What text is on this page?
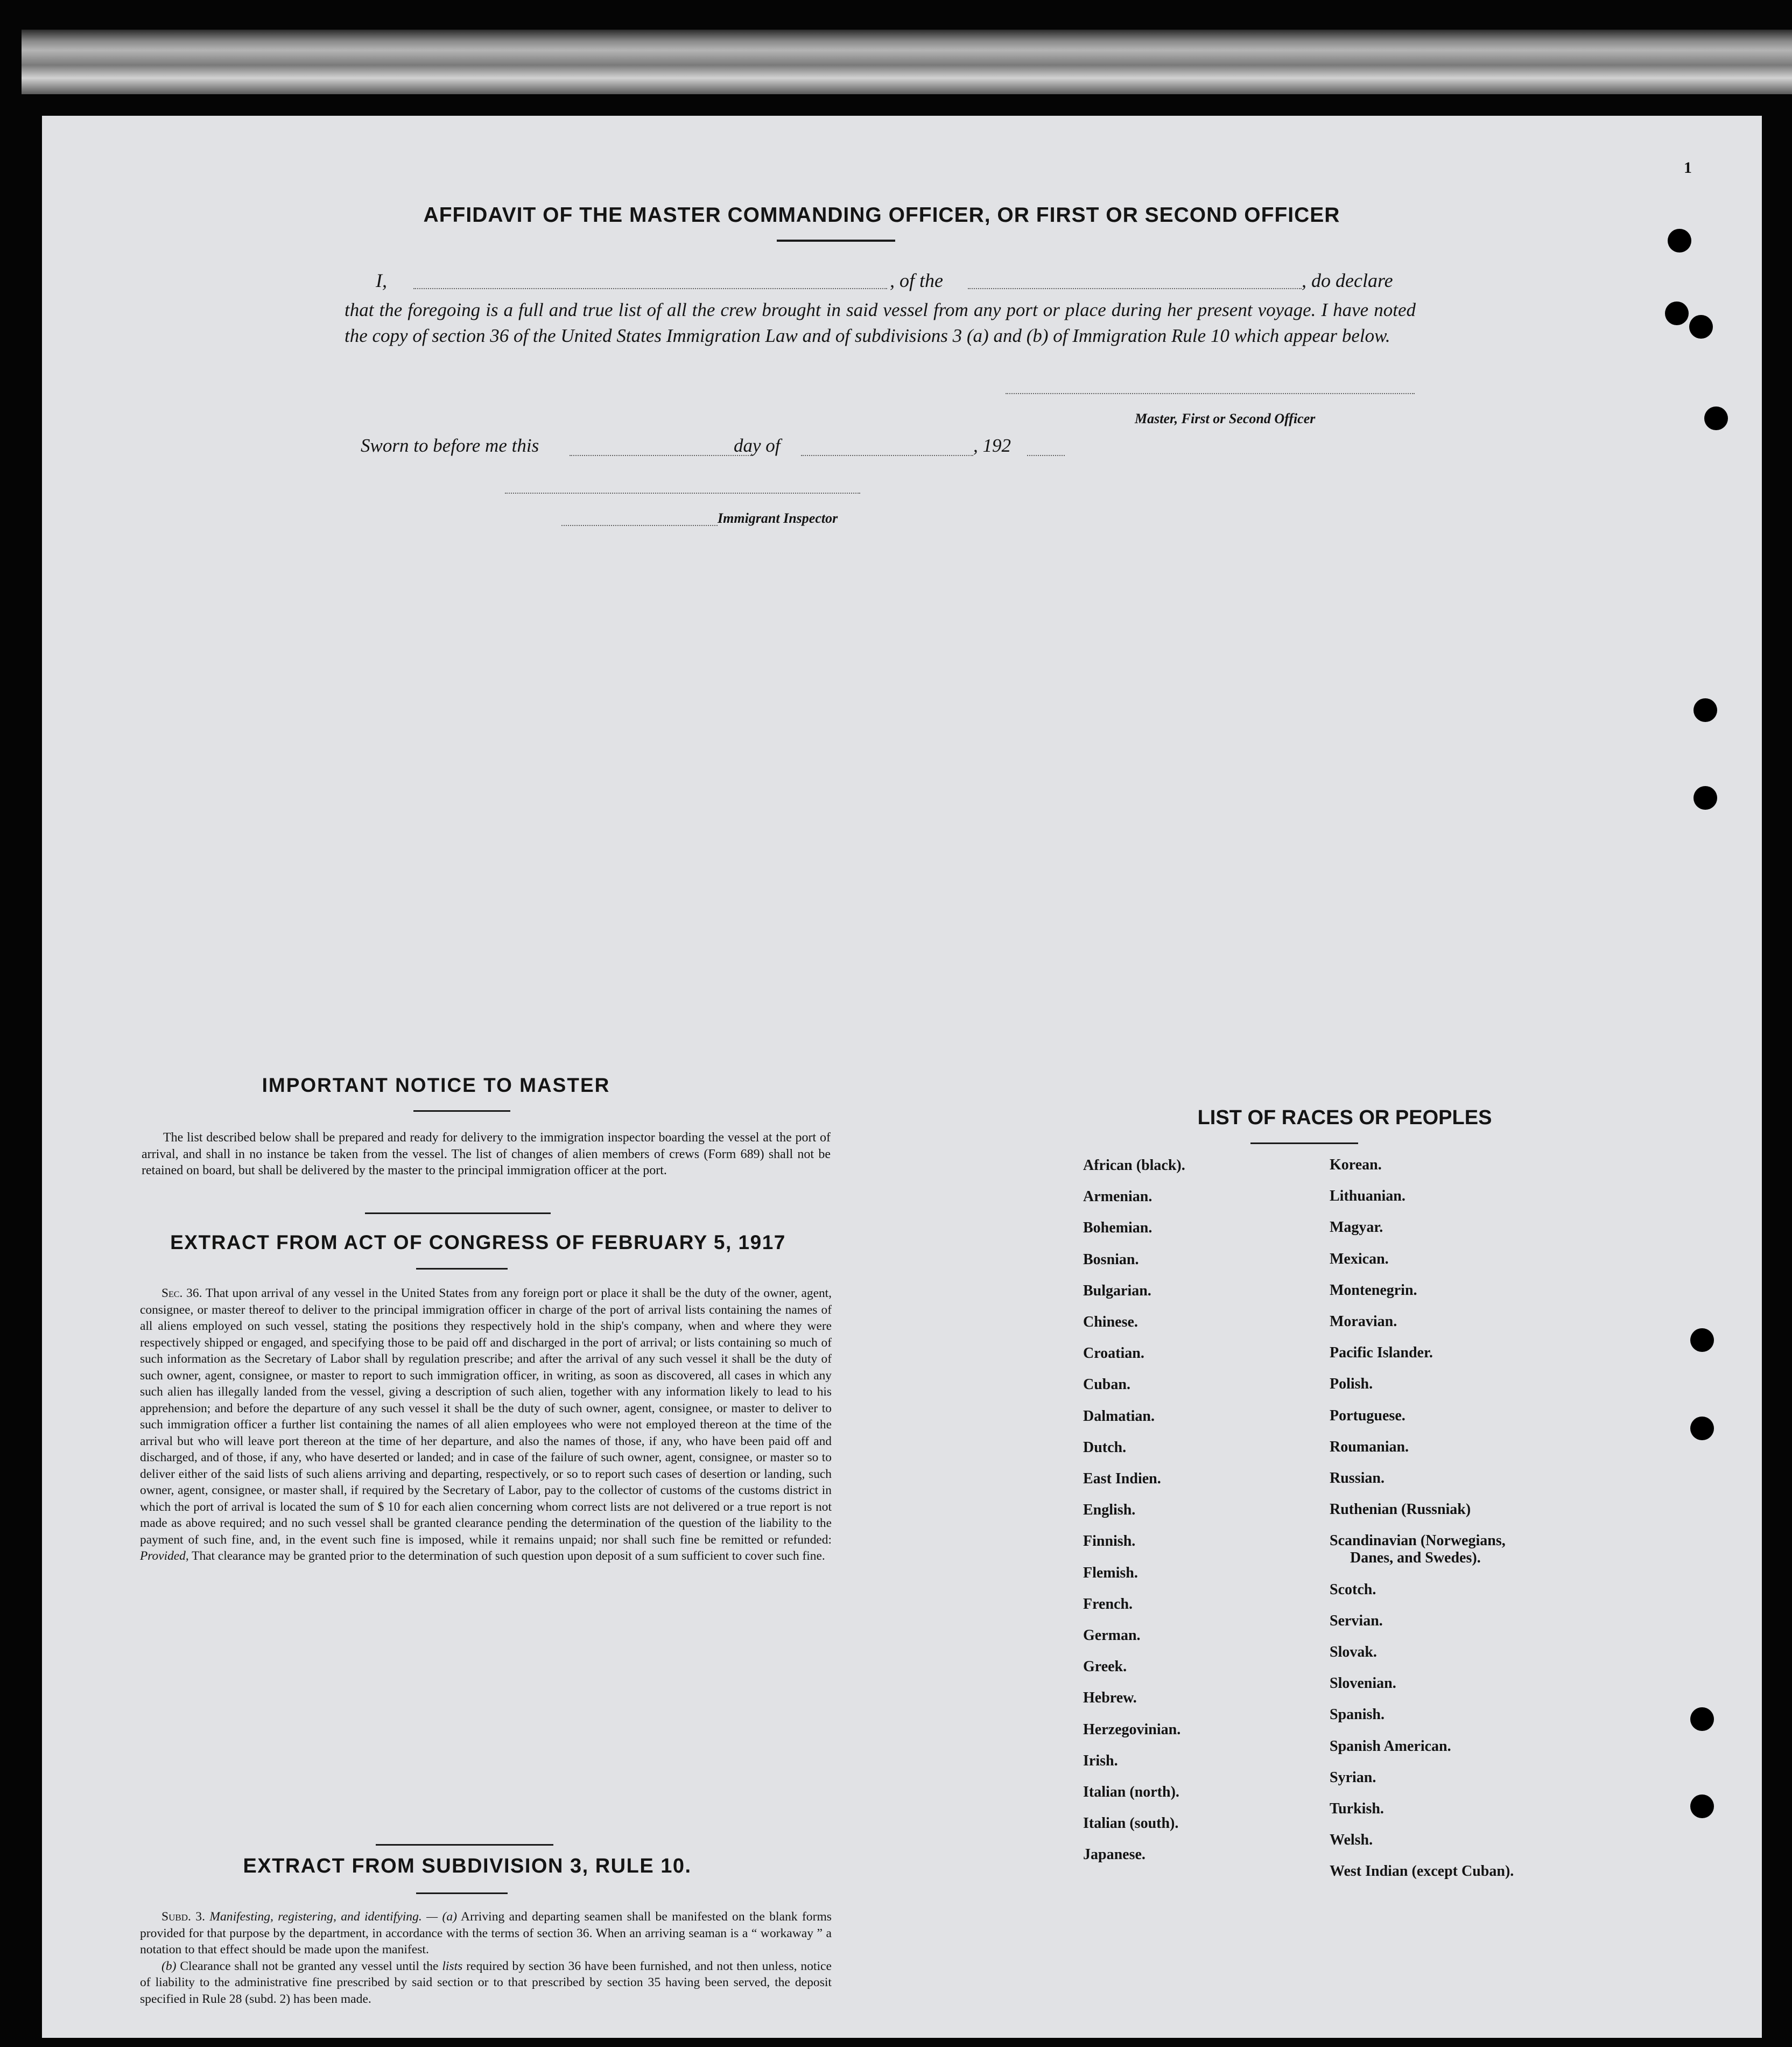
1
AFFIDAVIT OF THE MASTER COMMANDING OFFICER, OR FIRST OR SECOND OFFICER
I,	, of the	, do declare
that the foregoing is a full and true list of all the crew brought in said vessel from any port or place during her present voyage. I have noted the copy of section 36 of the United States Immigration Law and of subdivisions 3 (a) and (b) of Immigration Rule 10 which appear below.
Master, First or Second Officer
Sworn to before me this	day of	, 192
Immigrant Inspector
IMPORTANT NOTICE TO MASTER

The list described below shall be prepared and ready for delivery to the immigration inspector boarding the vessel at the port of arrival, and shall in no instance be taken from the vessel. The list of changes of alien members of crews (Form 689) shall not be retained on board, but shall be delivered by the master to the principal immigration officer at the port.

EXTRACT FROM ACT OF CONGRESS OF FEBRUARY 5, 1917

Sec. 36. That upon arrival of any vessel in the United States from any foreign port or place it shall be the duty of the owner, agent, consignee, or master thereof to deliver to the principal immigration officer in charge of the port of arrival lists containing the names of all aliens employed on such vessel, stating the positions they respectively hold in the ship's company, when and where they were respectively shipped or engaged, and specifying those to be paid off and discharged in the port of arrival; or lists containing so much of such information as the Secretary of Labor shall by regulation prescribe; and after the arrival of any such vessel it shall be the duty of such owner, agent, consignee, or master to report to such immigration officer, in writing, as soon as discovered, all cases in which any such alien has illegally landed from the vessel, giving a description of such alien, together with any information likely to lead to his apprehension; and before the departure of any such vessel it shall be the duty of such owner, agent, consignee, or master to deliver to such immigration officer a further list containing the names of all alien employees who were not employed thereon at the time of the arrival but who will leave port thereon at the time of her departure, and also the names of those, if any, who have been paid off and discharged, and of those, if any, who have deserted or landed; and in case of the failure of such owner, agent, consignee, or master so to deliver either of the said lists of such aliens arriving and departing, respectively, or so to report such cases of desertion or landing, such owner, agent, consignee, or master shall, if required by the Secretary of Labor, pay to the collector of customs of the customs district in which the port of arrival is located the sum of $ 10 for each alien concerning whom correct lists are not delivered or a true report is not made as above required; and no such vessel shall be granted clearance pending the determination of the question of the liability to the payment of such fine, and, in the event such fine is imposed, while it remains unpaid; nor shall such fine be remitted or refunded: Provided, That clearance may be granted prior to the determination of such question upon deposit of a sum sufficient to cover such fine.

EXTRACT FROM SUBDIVISION 3, RULE 10.

Subd. 3. Manifesting, registering, and identifying. — (a) Arriving and departing seamen shall be manifested on the blank forms provided for that purpose by the department, in accordance with the terms of section 36. When an arriving seaman is a “ workaway ” a notation to that effect should be made upon the manifest.

(b) Clearance shall not be granted any vessel until the lists required by section 36 have been furnished, and not then unless, notice of liability to the administrative fine prescribed by said section or to that prescribed by section 35 having been served, the deposit specified in Rule 28 (subd. 2) has been made.

LIST OF RACES OR PEOPLES
African (black).
Armenian.
Bohemian.
Bosnian.
Bulgarian.
Chinese.
Croatian.
Cuban.
Dalmatian.
Dutch.
East Indien.
English.
Finnish.
Flemish.
French.
German.
Greek.
Hebrew.
Herzegovinian.
Irish.
Italian (north).
Italian (south).
Japanese.
Korean.
Lithuanian.
Magyar.
Mexican.
Montenegrin.
Moravian.
Pacific Islander.
Polish.
Portuguese.
Roumanian.
Russian.
Ruthenian (Russniak)
Scandinavian (Norwegians,
Danes, and Swedes).
Scotch.
Servian.
Slovak.
Slovenian.
Spanish.
Spanish American.
Syrian.
Turkish.
Welsh.
West Indian (except Cuban).
